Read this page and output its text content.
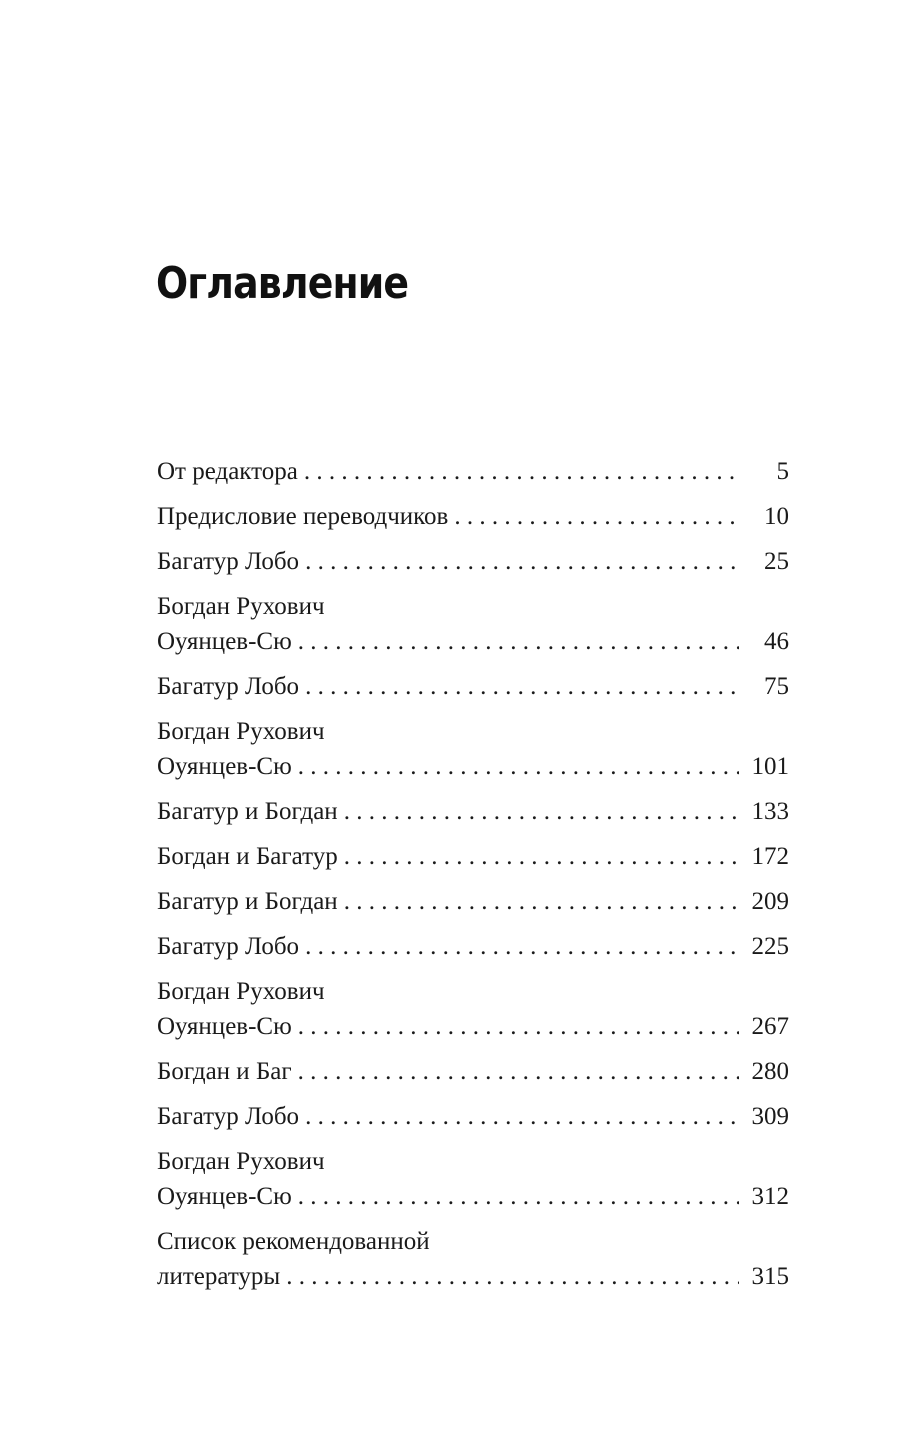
Оглавление
От редактора . . .	5
Предисловие переводчиков . . .	10
Багатур Лобо . . .	25
Богдан Рухович
Оуянцев-Сю . . .	46
Багатур Лобо . . .	75
Богдан Рухович
Оуянцев-Сю . . .	101
Багатур и Богдан . . .	133
Богдан и Багатур . . .	172
Багатур и Богдан . . .	209
Багатур Лобо . . .	225
Богдан Рухович
Оуянцев-Сю . . .	267
Богдан и Баг . . .	280
Багатур Лобо . . .	309
Богдан Рухович
Оуянцев-Сю . . .	312
Список рекомендованной
литературы . . .	315
